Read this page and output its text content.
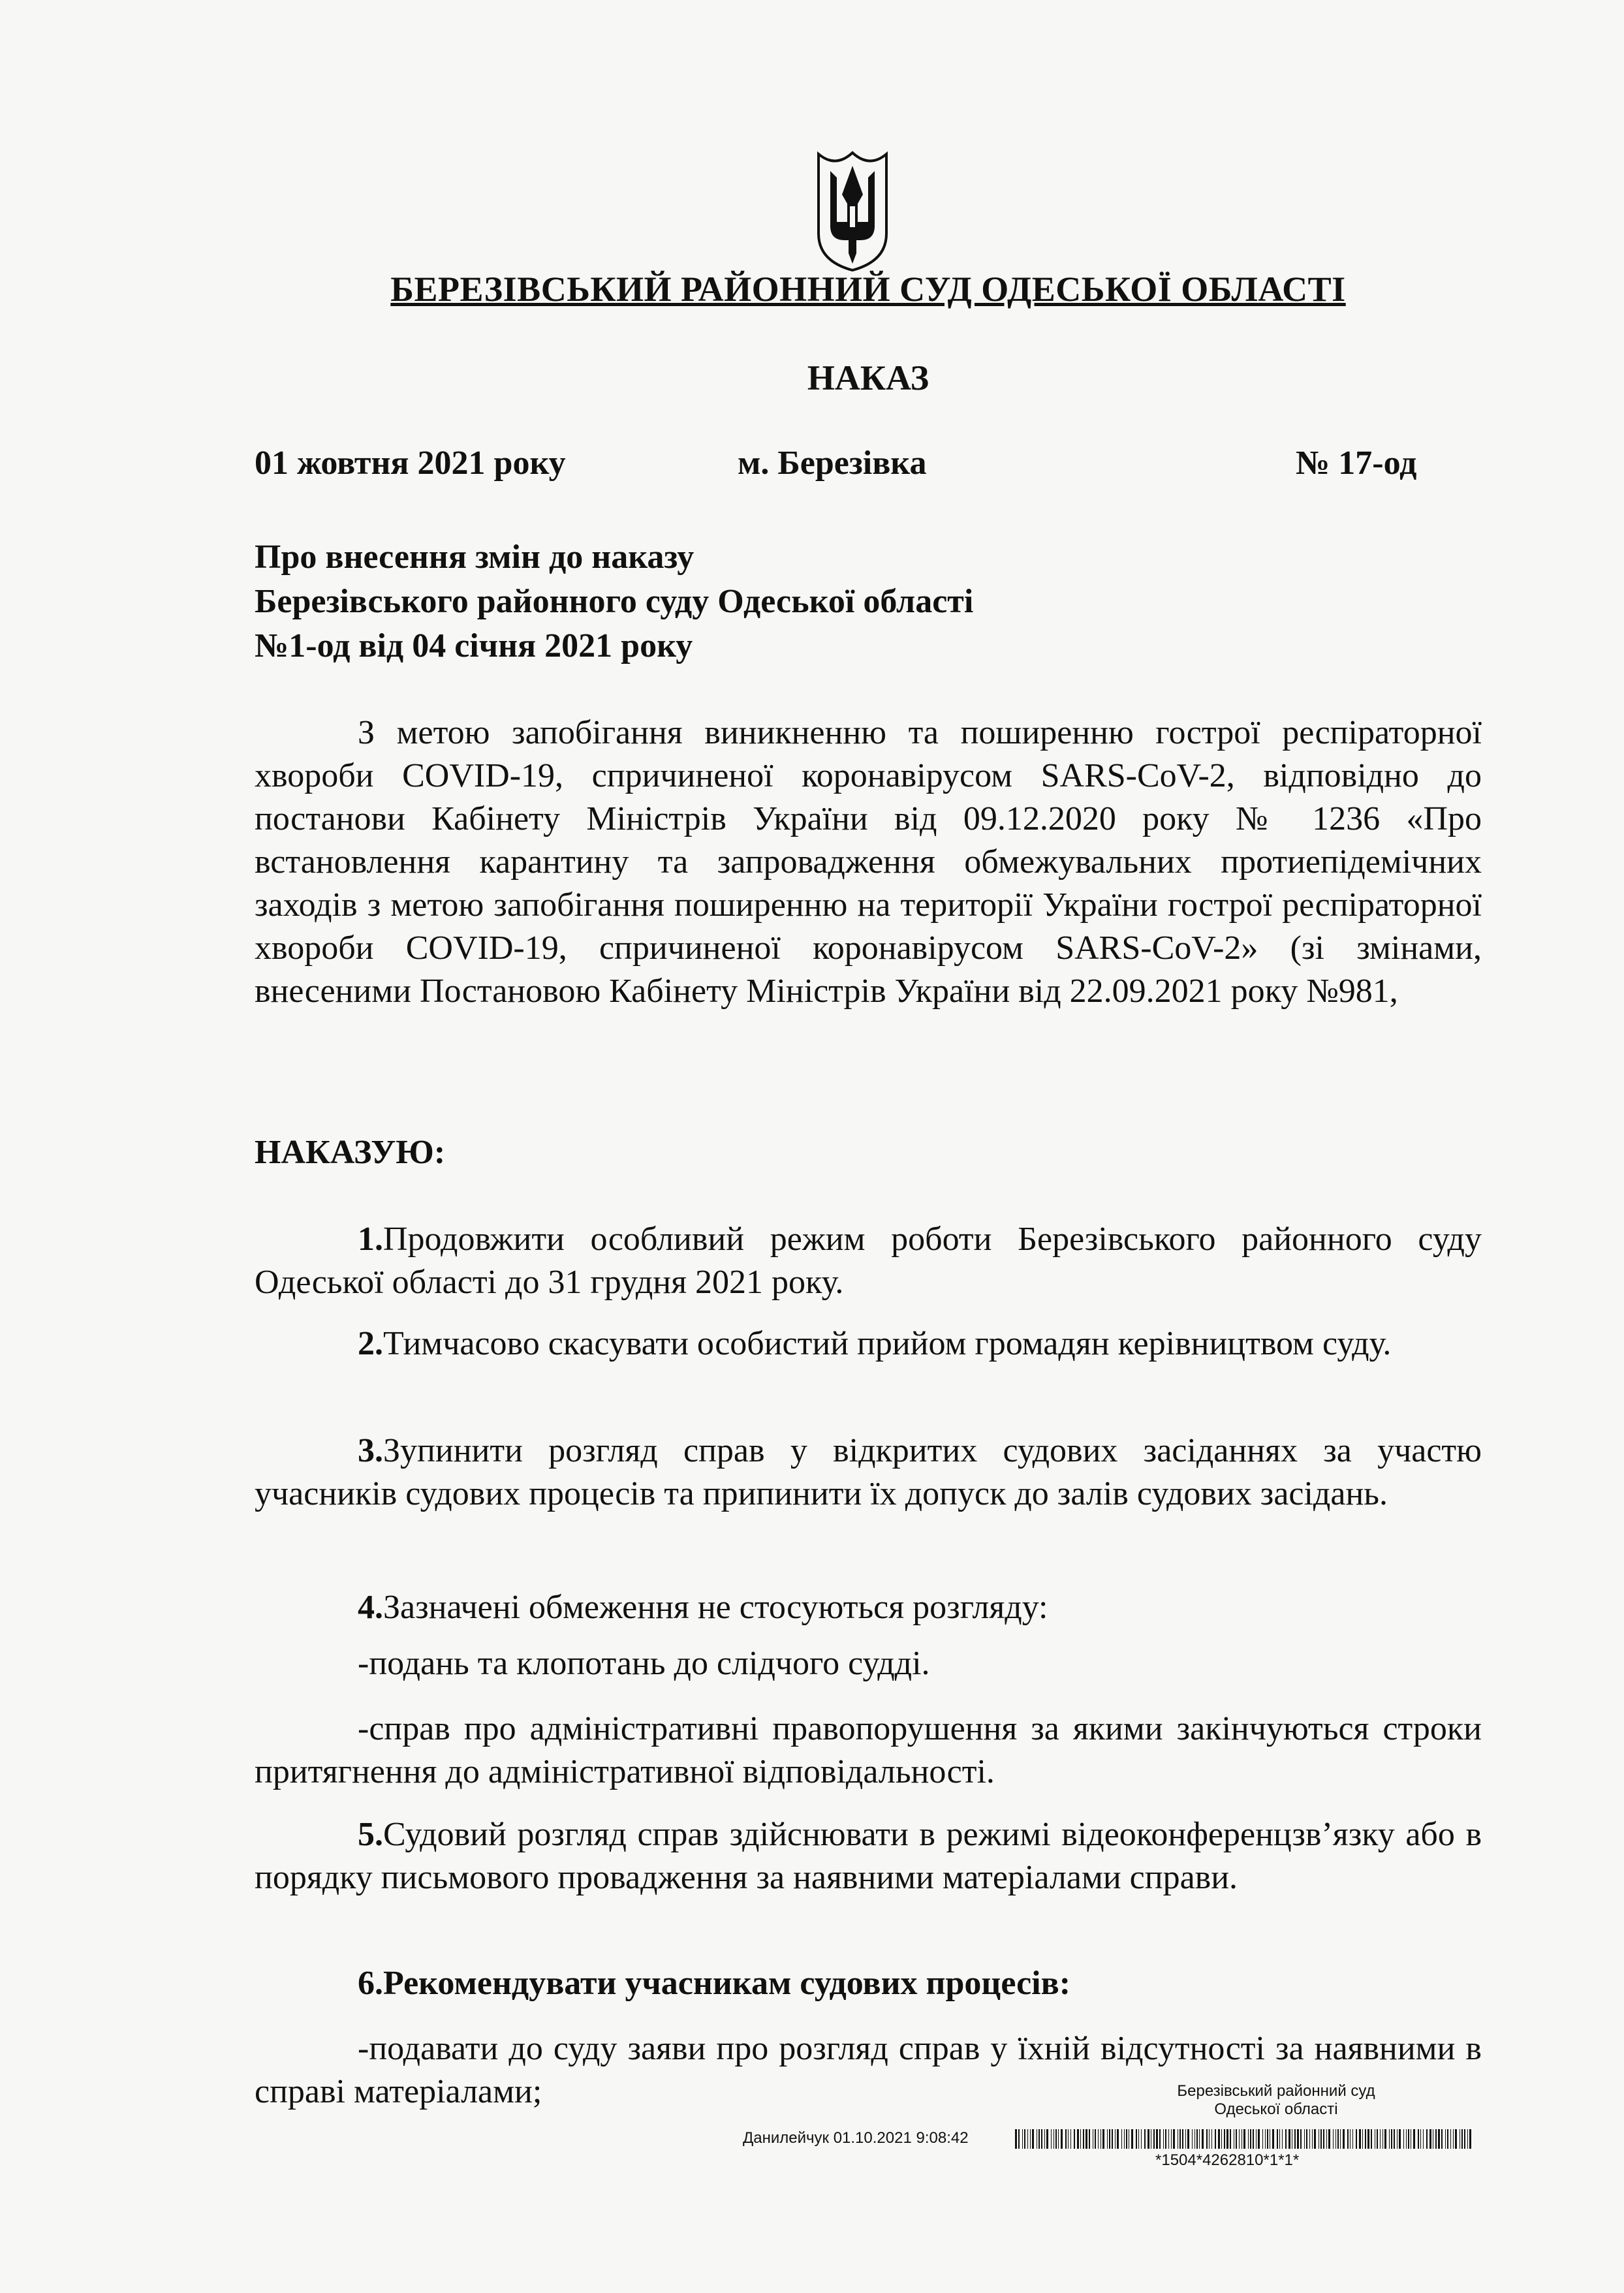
БЕРЕЗІВСЬКИЙ РАЙОННИЙ СУД ОДЕСЬКОЇ ОБЛАСТІ
НАКАЗ
01 жовтня 2021 року	м. Березівка	№ 17-од
Про внесення змін до наказу
Березівського районного суду Одеської області
№1-од від 04 січня 2021 року

З метою запобігання виникненню та поширенню гострої респіраторної хвороби COVID-19, спричиненої коронавірусом SARS-CoV-2, відповідно до постанови Кабінету Міністрів України від 09.12.2020 року № 1236 «Про встановлення карантину та запровадження обмежувальних протиепідемічних заходів з метою запобігання поширенню на території України гострої респіраторної хвороби COVID-19, спричиненої коронавірусом SARS-CoV-2» (зі змінами, внесеними Постановою Кабінету Міністрів України від 22.09.2021 року №981,

НАКАЗУЮ:

1.Продовжити особливий режим роботи Березівського районного суду Одеської області до 31 грудня 2021 року.

2.Тимчасово скасувати особистий прийом громадян керівництвом суду.

3.Зупинити розгляд справ у відкритих судових засіданнях за участю учасників судових процесів та припинити їх допуск до залів судових засідань.

4.Зазначені обмеження не стосуються розгляду:

-подань та клопотань до слідчого судді.

-справ про адміністративні правопорушення за якими закінчуються строки притягнення до адміністративної відповідальності.

5.Судовий розгляд справ здійснювати в режимі відеоконференцзв’язку або в порядку письмового провадження за наявними матеріалами справи.

6.Рекомендувати учасникам судових процесів:

-подавати до суду заяви про розгляд справ у їхній відсутності за наявними в справі матеріалами;	Березівський районний суд
Одеської області
Данилейчук 01.10.2021 9:08:42
*1504*4262810*1*1*
